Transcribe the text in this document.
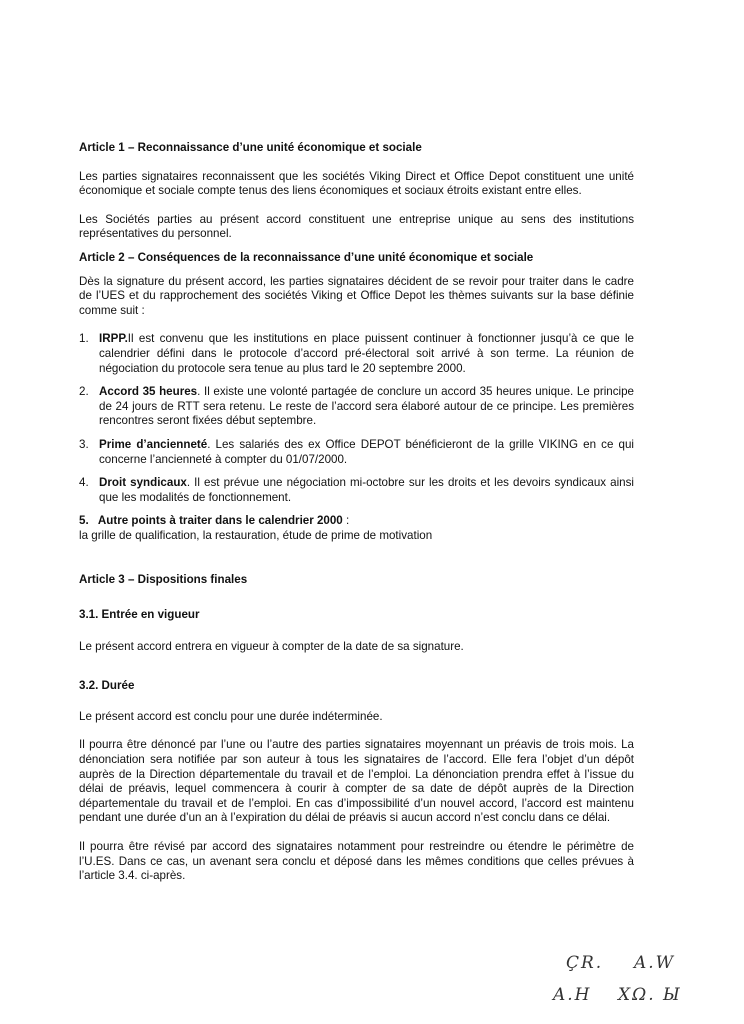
Article 1 – Reconnaissance d’une unité économique et sociale

Les parties signataires reconnaissent que les sociétés Viking Direct et Office Depot constituent une unité économique et sociale compte tenus des liens économiques et sociaux étroits existant entre elles.

Les Sociétés parties au présent accord constituent une entreprise unique au sens des institutions représentatives du personnel.

Article 2 – Conséquences de la reconnaissance d’une unité économique et sociale

Dès la signature du présent accord, les parties signataires décident de se revoir pour traiter dans le cadre de l’UES et du rapprochement des sociétés Viking et Office Depot les thèmes suivants sur la base définie comme suit :

1. IRPP.Il est convenu que les institutions en place puissent continuer à fonctionner jusqu’à ce que le calendrier défini dans le protocole d’accord pré-électoral soit arrivé à son terme. La réunion de négociation du protocole sera tenue au plus tard le 20 septembre 2000.
2. Accord 35 heures. Il existe une volonté partagée de conclure un accord 35 heures unique. Le principe de 24 jours de RTT sera retenu. Le reste de l’accord sera élaboré autour de ce principe. Les premières rencontres seront fixées début septembre.
3. Prime d’ancienneté. Les salariés des ex Office DEPOT bénéficieront de la grille VIKING en ce qui concerne l’ancienneté à compter du 01/07/2000.
4. Droit syndicaux. Il est prévue une négociation mi-octobre sur les droits et les devoirs syndicaux ainsi que les modalités de fonctionnement.
5. Autre points à traiter dans le calendrier 2000 :
la grille de qualification, la restauration, étude de prime de motivation
Article 3 – Dispositions finales
3.1. Entrée en vigueur

Le présent accord entrera en vigueur à compter de la date de sa signature.

3.2. Durée

Le présent accord est conclu pour une durée indéterminée.

Il pourra être dénoncé par l’une ou l’autre des parties signataires moyennant un préavis de trois mois. La dénonciation sera notifiée par son auteur à tous les signataires de l’accord. Elle fera l’objet d’un dépôt auprès de la Direction départementale du travail et de l’emploi. La dénonciation prendra effet à l’issue du délai de préavis, lequel commencera à courir à compter de sa date de dépôt auprès de la Direction départementale du travail et de l’emploi. En cas d’impossibilité d’un nouvel accord, l’accord est maintenu pendant une durée d’un an à l’expiration du délai de préavis si aucun accord n’est conclu dans ce délai.

Il pourra être révisé par accord des signataires notamment pour restreindre ou étendre le périmètre de l’U.ES. Dans ce cas, un avenant sera conclu et déposé dans les mêmes conditions que celles prévues à l’article 3.4. ci-après.

ÇR. A.W
A.H ΧΩ. Ы
